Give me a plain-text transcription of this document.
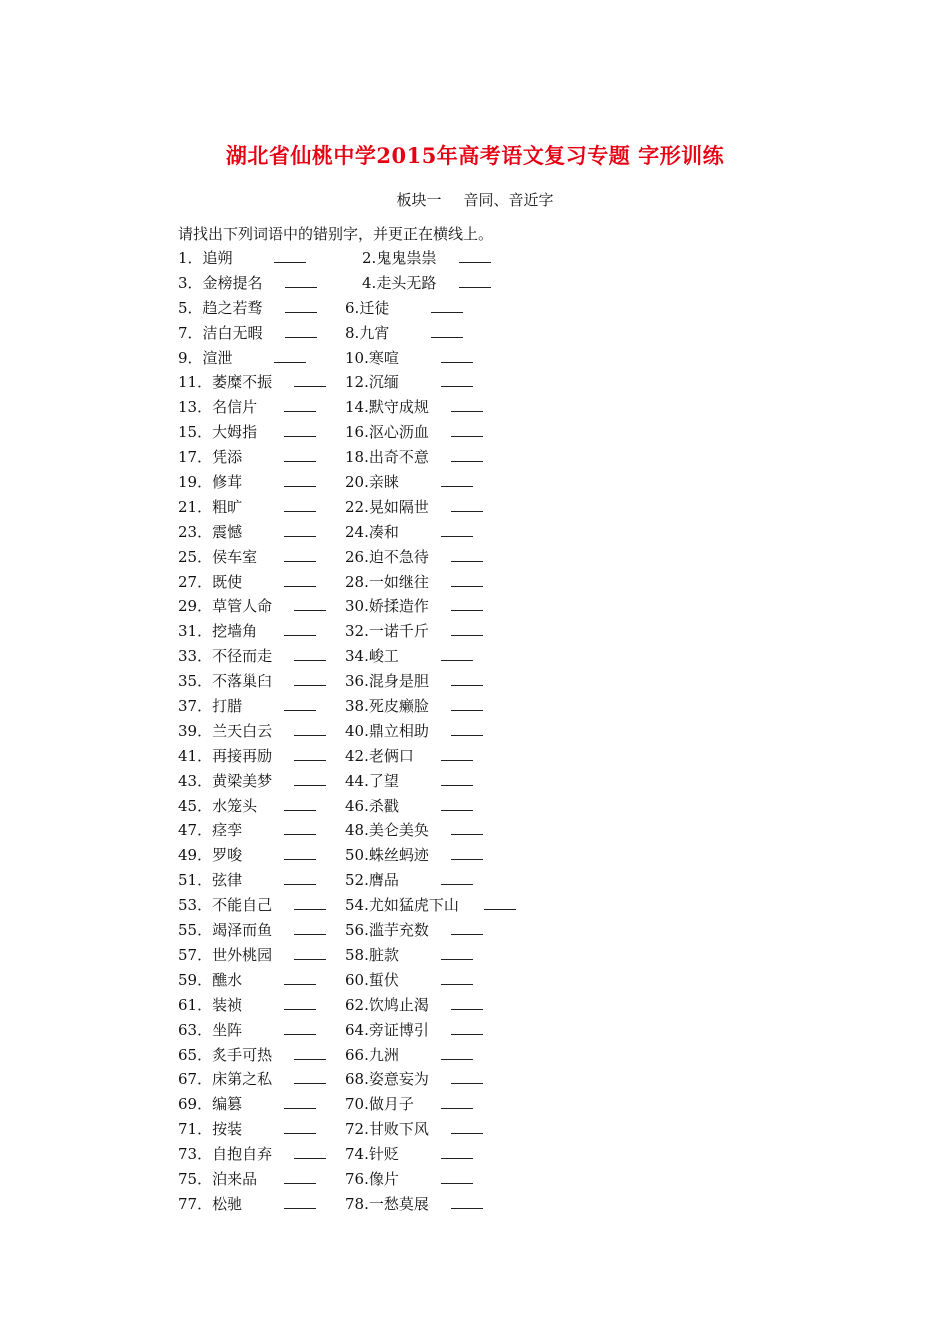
湖北省仙桃中学2015年高考语文复习专题 字形训练
板块一 音同、音近字
请找出下列词语中的错别字，并更正在横线上。
1．追朔	2.鬼鬼祟祟
3．金榜提名	4.走头无路
5．趋之若骛	6.迁徒
7．洁白无暇	8.九宵
9．渲泄	10.寒喧
11．萎糜不振	12.沉缅
13．名信片	14.默守成规
15．大姆指	16.沤心沥血
17．凭添	18.出奇不意
19．修茸	20.亲睐
21．粗旷	22.晃如隔世
23．震憾	24.凑和
25．侯车室	26.迫不急待
27．既使	28.一如继往
29．草管人命	30.娇揉造作
31．挖墙角	32.一诺千斤
33．不径而走	34.峻工
35．不落巢臼	36.混身是胆
37．打腊	38.死皮癞脸
39．兰天白云	40.鼎立相助
41．再接再励	42.老俩口
43．黄梁美梦	44.了望
45．水笼头	46.杀戳
47．痉孪	48.美仑美奂
49．罗唆	50.蛛丝蚂迹
51．弦律	52.膺品
53．不能自己	54.尤如猛虎下山
55．竭泽而鱼	56.滥芋充数
57．世外桃园	58.脏款
59．醮水	60.蜇伏
61．装祯	62.饮鸠止渴
63．坐阵	64.旁证博引
65．炙手可热	66.九洲
67．床第之私	68.姿意妄为
69．编篡	70.做月子
71．按装	72.甘败下风
73．自抱自弃	74.针贬
75．泊来品	76.像片
77．松驰	78.一愁莫展
